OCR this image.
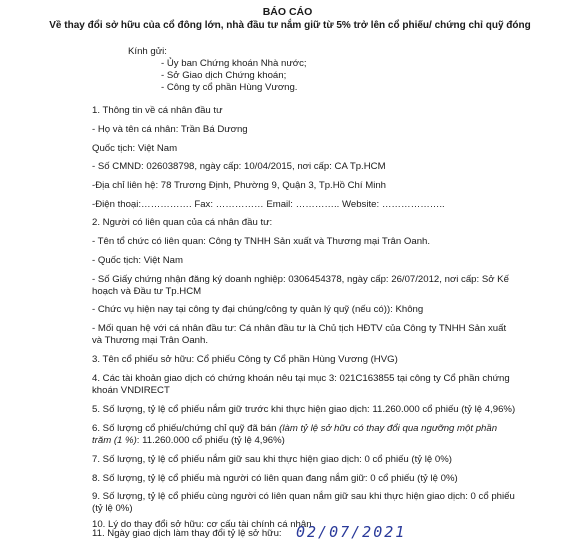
BÁO CÁO
Về thay đổi sở hữu của cổ đông lớn, nhà đầu tư nắm giữ từ 5% trở lên cổ phiếu/ chứng chỉ quỹ đóng
Kính gửi:
- Ủy ban Chứng khoán Nhà nước;
- Sở Giao dịch Chứng khoán;
- Công ty cổ phần Hùng Vương.
1. Thông tin về cá nhân đầu tư
- Họ và tên cá nhân: Trần Bá Dương
Quốc tịch: Việt Nam
- Số CMND: 026038798, ngày cấp: 10/04/2015, nơi cấp: CA Tp.HCM
-Địa chỉ liên hệ: 78 Trương Định, Phường 9, Quận 3, Tp.Hồ Chí Minh
-Điện thoại:……………. Fax: …………… Email: ………….. Website: ………………..
2. Người có liên quan của cá nhân đầu tư:
- Tên tổ chức có liên quan: Công ty TNHH Sản xuất và Thương mại Trân Oanh.
- Quốc tịch: Việt Nam
- Số Giấy chứng nhận đăng ký doanh nghiệp: 0306454378, ngày cấp: 26/07/2012, nơi cấp: Sở Kế
hoạch và Đầu tư Tp.HCM
- Chức vụ hiện nay tại công ty đại chúng/công ty quản lý quỹ (nếu có)): Không
- Mối quan hệ với cá nhân đầu tư: Cá nhân đầu tư là Chủ tịch HĐTV của Công ty TNHH Sản xuất
và Thương mại Trân Oanh.
3. Tên cổ phiếu sở hữu: Cổ phiếu Công ty Cổ phần Hùng Vương (HVG)
4. Các tài khoản giao dịch có chứng khoán nêu tại mục 3: 021C163855 tại công ty Cổ phần chứng
khoán VNDIRECT
5. Số lượng, tỷ lệ cổ phiếu nắm giữ trước khi thực hiện giao dịch: 11.260.000 cổ phiếu (tỷ lệ 4,96%)
6. Số lượng cổ phiếu/chứng chỉ quỹ đã bán (làm tỷ lệ sở hữu có thay đổi qua ngưỡng một phần
trăm (1 %): 11.260.000 cổ phiếu (tỷ lệ 4,96%)
7. Số lượng, tỷ lệ cổ phiếu nắm giữ sau khi thực hiện giao dịch: 0 cổ phiếu (tỷ lệ 0%)
8. Số lượng, tỷ lệ cổ phiếu mà người có liên quan đang nắm giữ: 0 cổ phiếu (tỷ lệ 0%)
9. Số lượng, tỷ lệ cổ phiếu cùng người có liên quan nắm giữ sau khi thực hiện giao dịch: 0 cổ phiếu
(tỷ lệ 0%)
10. Lý do thay đổi sở hữu: cơ cấu tài chính cá nhân.
11. Ngày giao dịch làm thay đổi tỷ lệ sở hữu: 02/07/2021
